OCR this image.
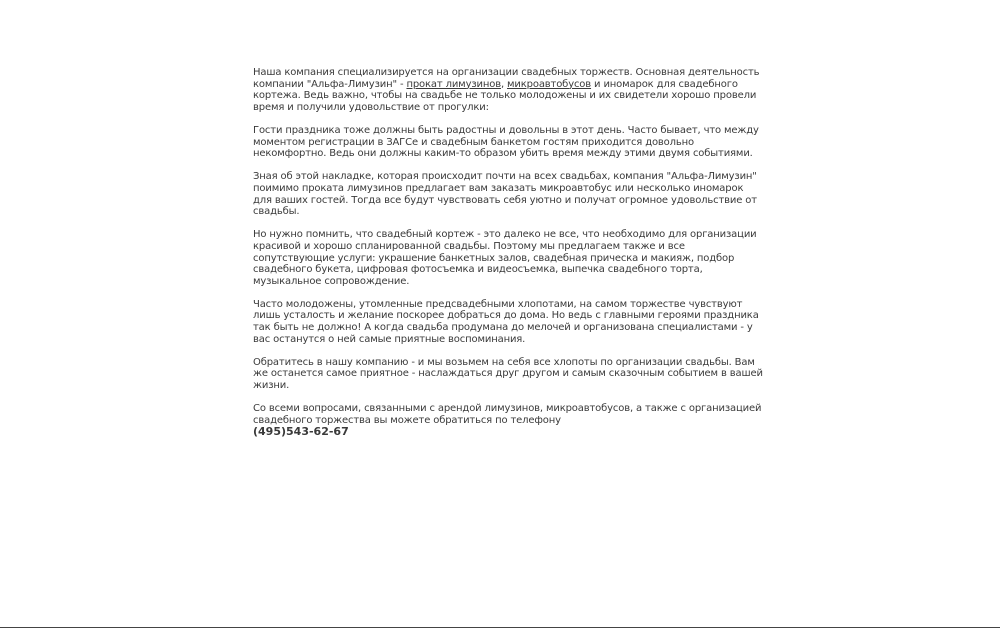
Наша компания специализируется на организации свадебных торжеств. Основная деятельность компании "Альфа-Лимузин" - прокат лимузинов, микроавтобусов и иномарок для свадебного кортежа. Ведь важно, чтобы на свадьбе не только молодожены и их свидетели хорошо провели время и получили удовольствие от прогулки:

Гости праздника тоже должны быть радостны и довольны в этот день. Часто бывает, что между моментом регистрации в ЗАГСе и свадебным банкетом гостям приходится довольно некомфортно. Ведь они должны каким-то образом убить время между этими двумя событиями.

Зная об этой накладке, которая происходит почти на всех свадьбах, компания "Альфа-Лимузин" поимимо проката лимузинов предлагает вам заказать микроавтобус или несколько иномарок для ваших гостей. Тогда все будут чувствовать себя уютно и получат огромное удовольствие от свадьбы.

Но нужно помнить, что свадебный кортеж - это далеко не все, что необходимо для организации красивой и хорошо спланированной свадьбы. Поэтому мы предлагаем также и все сопутствующие услуги: украшение банкетных залов, свадебная прическа и макияж, подбор свадебного букета, цифровая фотосъемка и видеосъемка, выпечка свадебного торта, музыкальное сопровождение.

Часто молодожены, утомленные предсвадебными хлопотами, на самом торжестве чувствуют лишь усталость и желание поскорее добраться до дома. Но ведь с главными героями праздника так быть не должно! А когда свадьба продумана до мелочей и организована специалистами - у вас останутся о ней самые приятные воспоминания.

Обратитесь в нашу компанию - и мы возьмем на себя все хлопоты по организации свадьбы. Вам же останется самое приятное - наслаждаться друг другом и самым сказочным событием в вашей жизни.

Со всеми вопросами, связанными с арендой лимузинов, микроавтобусов, а также с организацией свадебного торжества вы можете обратиться по телефону
(495)543-62-67
